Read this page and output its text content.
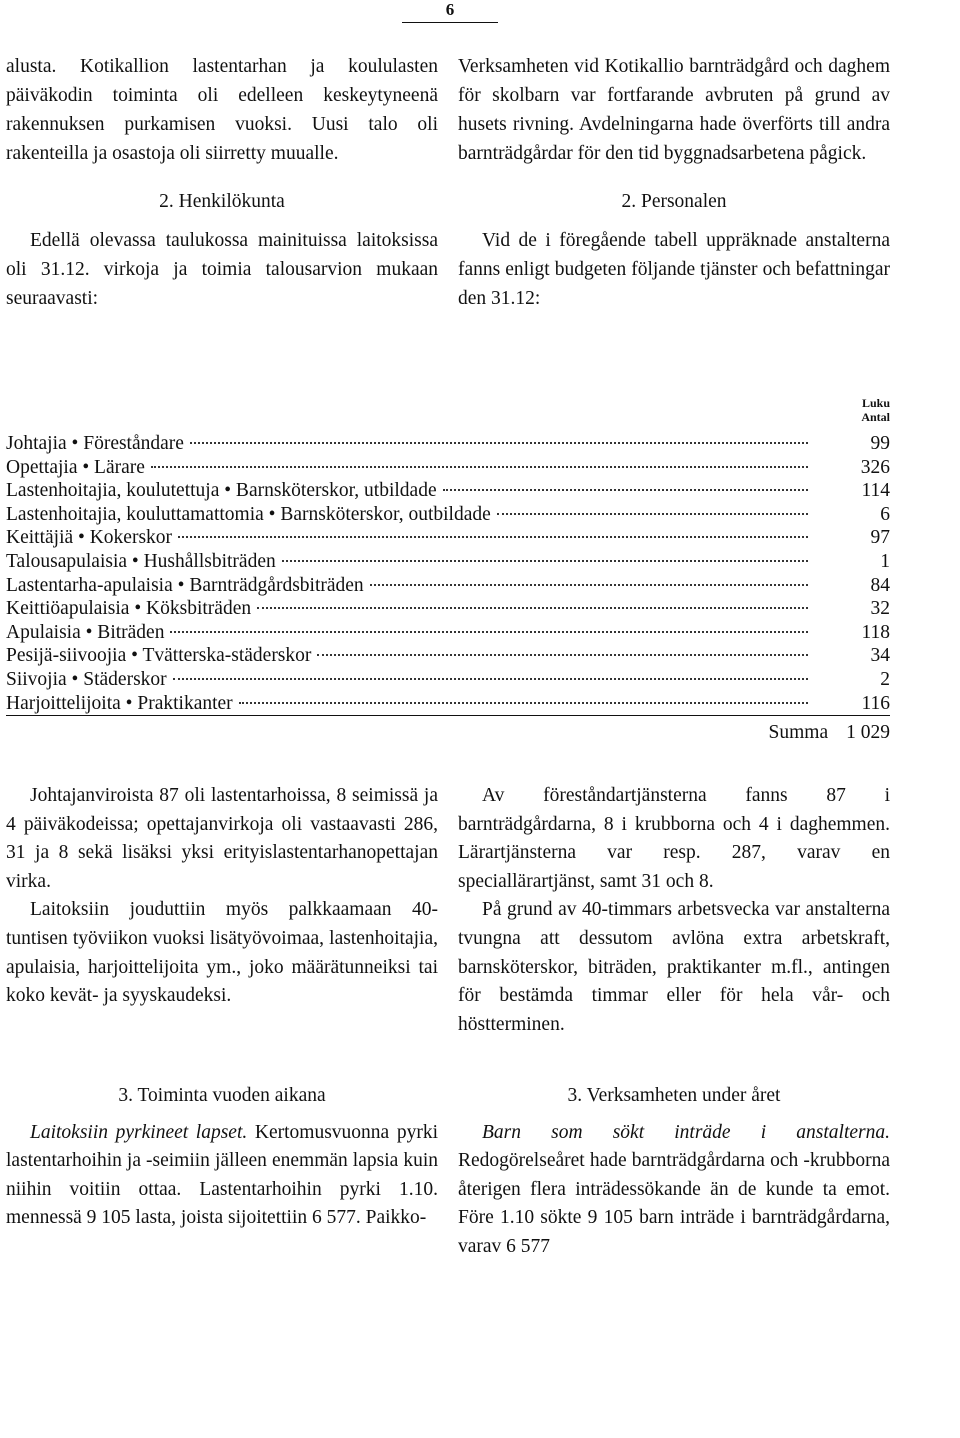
6

alusta. Kotikallion lastentarhan ja koululasten päiväkodin toiminta oli edelleen keskeytyneenä rakennuksen purkamisen vuoksi. Uusi talo oli rakenteilla ja osastoja oli siirretty muualle.

2. Henkilökunta

Edellä olevassa taulukossa mainituissa laitoksissa oli 31.12. virkoja ja toimia talousarvion mukaan seuraavasti:

Verksamheten vid Kotikallio barnträdgård och daghem för skolbarn var fortfarande avbruten på grund av husets rivning. Avdelningarna hade överförts till andra barnträdgårdar för den tid byggnadsarbetena pågick.

2. Personalen

Vid de i föregående tabell uppräknade anstalterna fanns enligt budgeten följande tjänster och befattningar den 31.12:

Luku
Antal
Johtajia • Föreståndare	99
Opettajia • Lärare	326
Lastenhoitajia, koulutettuja • Barnsköterskor, utbildade	114
Lastenhoitajia, kouluttamattomia • Barnsköterskor, outbildade	6
Keittäjiä • Kokerskor	97
Talousapulaisia • Hushållsbiträden	1
Lastentarha-apulaisia • Barnträdgårdsbiträden	84
Keittiöapulaisia • Köksbiträden	32
Apulaisia • Biträden	118
Pesijä-siivoojia • Tvätterska-städerskor	34
Siivojia • Städerskor	2
Harjoittelijoita • Praktikanter	116
Summa 1 029

Johtajanviroista 87 oli lastentarhoissa, 8 seimissä ja 4 päiväkodeissa; opettajanvirkoja oli vastaavasti 286, 31 ja 8 sekä lisäksi yksi erityislastentarhanopettajan virka.

Laitoksiin jouduttiin myös palkkaamaan 40- tuntisen työviikon vuoksi lisätyövoimaa, lastenhoitajia, apulaisia, harjoittelijoita ym., joko määrätunneiksi tai koko kevät- ja syyskaudeksi.

Av föreståndartjänsterna fanns 87 i barnträdgårdarna, 8 i krubborna och 4 i daghemmen. Lärartjänsterna var resp. 287, varav en speciallärartjänst, samt 31 och 8.

På grund av 40-timmars arbetsvecka var anstalterna tvungna att dessutom avlöna extra arbetskraft, barnsköterskor, biträden, praktikanter m.fl., antingen för bestämda timmar eller för hela vår- och höstterminen.

3. Toiminta vuoden aikana

Laitoksiin pyrkineet lapset. Kertomusvuonna pyrki lastentarhoihin ja -seimiin jälleen enemmän lapsia kuin niihin voitiin ottaa. Lastentarhoihin pyrki 1.10. mennessä 9 105 lasta, joista sijoitettiin 6 577. Paikko-

3. Verksamheten under året

Barn som sökt inträde i anstalterna. Redogörelseåret hade barnträdgårdarna och -krubborna återigen flera inträdessökande än de kunde ta emot. Före 1.10 sökte 9 105 barn inträde i barnträdgårdarna, varav 6 577
